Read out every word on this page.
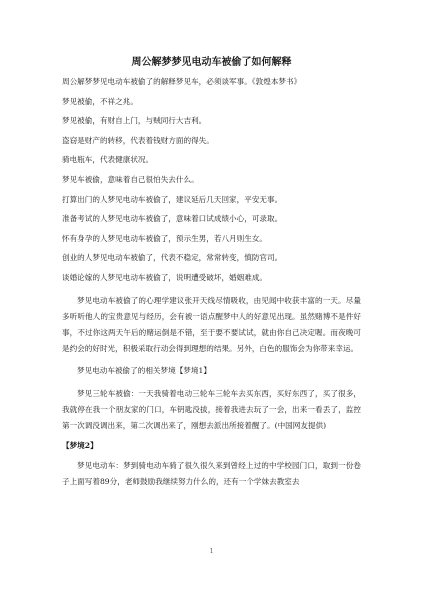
周公解梦梦见电动车被偷了如何解释
周公解梦梦见电动车被偷了的解释梦见车，必须谈军事。《敦煌本梦书》
梦见被偷，不祥之兆。
梦见被偷，有财自上门，与贼同行大吉利。
盗窃是财产的转移，代表着钱财方面的得失。
骑电瓶车，代表健康状况。
梦见车被偷，意味着自己很怕失去什么。
打算出门的人梦见电动车被偷了，建议延后几天回家，平安无事。
准备考试的人梦见电动车被偷了，意味着口试成绩小心，可录取。
怀有身孕的人梦见电动车被偷了，预示生男，若八月则生女。
创业的人梦见电动车被偷了，代表不稳定，常常转变，慎防官司。
谈婚论嫁的人梦见电动车被偷了，说明遭受破坏，婚姻难成。

梦见电动车被偷了的心理学建议张开天线尽情吸收，由见闻中收获丰富的一天。尽量多听听他人的宝贵意见与经历，会有被一语点醒梦中人的好意见出现。虽然赌博不是件好事，不过你这两天午后的赌运倒是不错，至于要不要试试，就由你自己决定喔。而夜晚可是约会的好时光，积极采取行动会得到理想的结果。另外，白色的服饰会为你带来幸运。

梦见电动车被偷了的相关梦境【梦境1】

梦见三轮车被偷：一天我骑着电动三轮车三轮车去买东西，买好东西了，买了很多，我就停在我一个朋友家的门口，车钥匙没拔，接着我进去玩了一会，出来一看丢了，监控第一次调没调出来，第二次调出来了，刚想去派出所接着醒了。(中国网友提供)

【梦境2】

梦见电动车：梦到骑电动车骑了很久很久来到曾经上过的中学校园门口，取到一份卷子上面写着89分，老师鼓励我继续努力什么的，还有一个学妹去教室去

1
